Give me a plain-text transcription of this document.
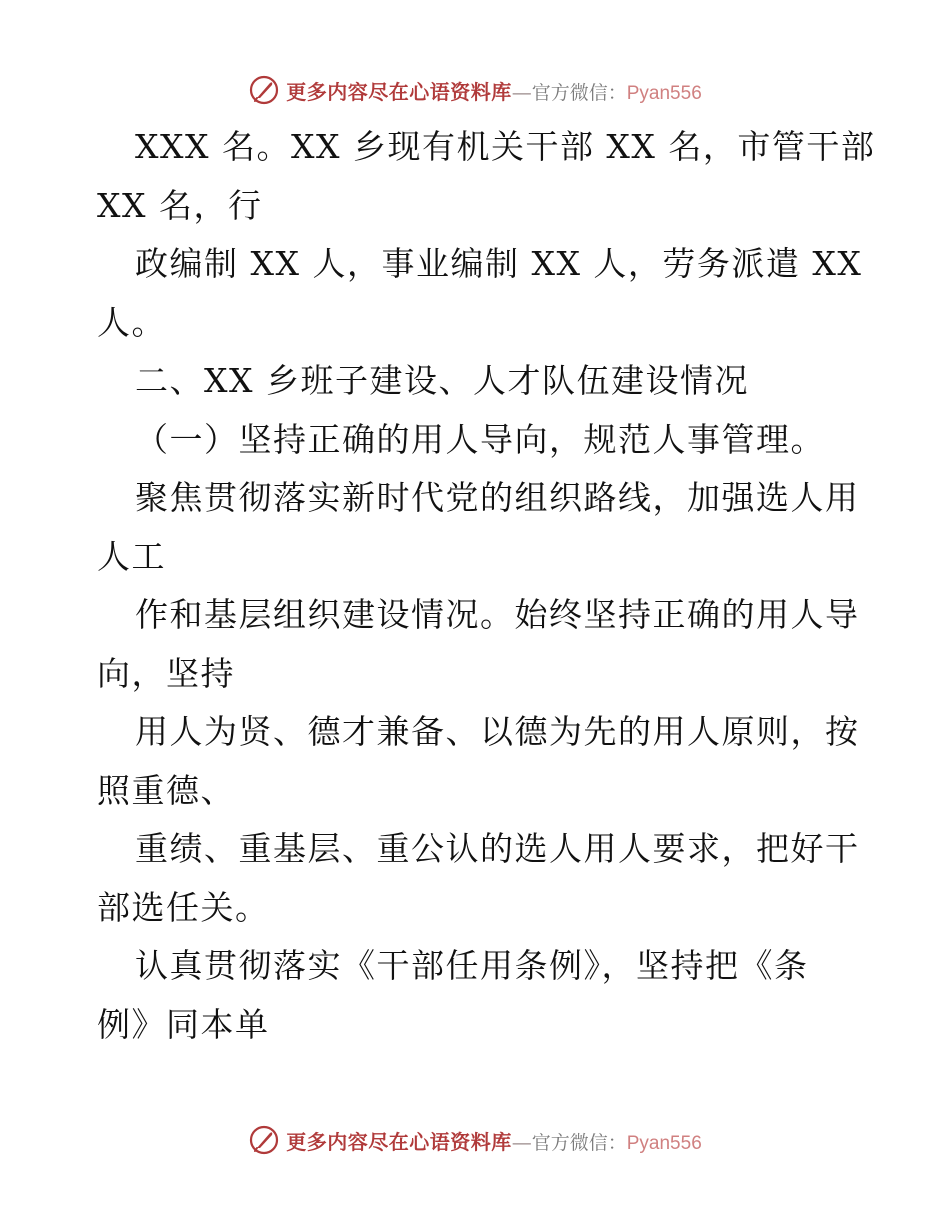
更多内容尽在心语资料库 — 官方微信： Pyan556
XXX 名。XX 乡现有机关干部 XX 名，市管干部
XX 名，行
政编制 XX 人，事业编制 XX 人，劳务派遣 XX
人。
二、XX 乡班子建设、人才队伍建设情况
（一）坚持正确的用人导向，规范人事管理。
聚焦贯彻落实新时代党的组织路线，加强选人用
人工
作和基层组织建设情况。始终坚持正确的用人导
向，坚持
用人为贤、德才兼备、以德为先的用人原则，按
照重德、
重绩、重基层、重公认的选人用人要求，把好干
部选任关。
认真贯彻落实《干部任用条例》，坚持把《条
例》同本单
更多内容尽在心语资料库 — 官方微信： Pyan556
